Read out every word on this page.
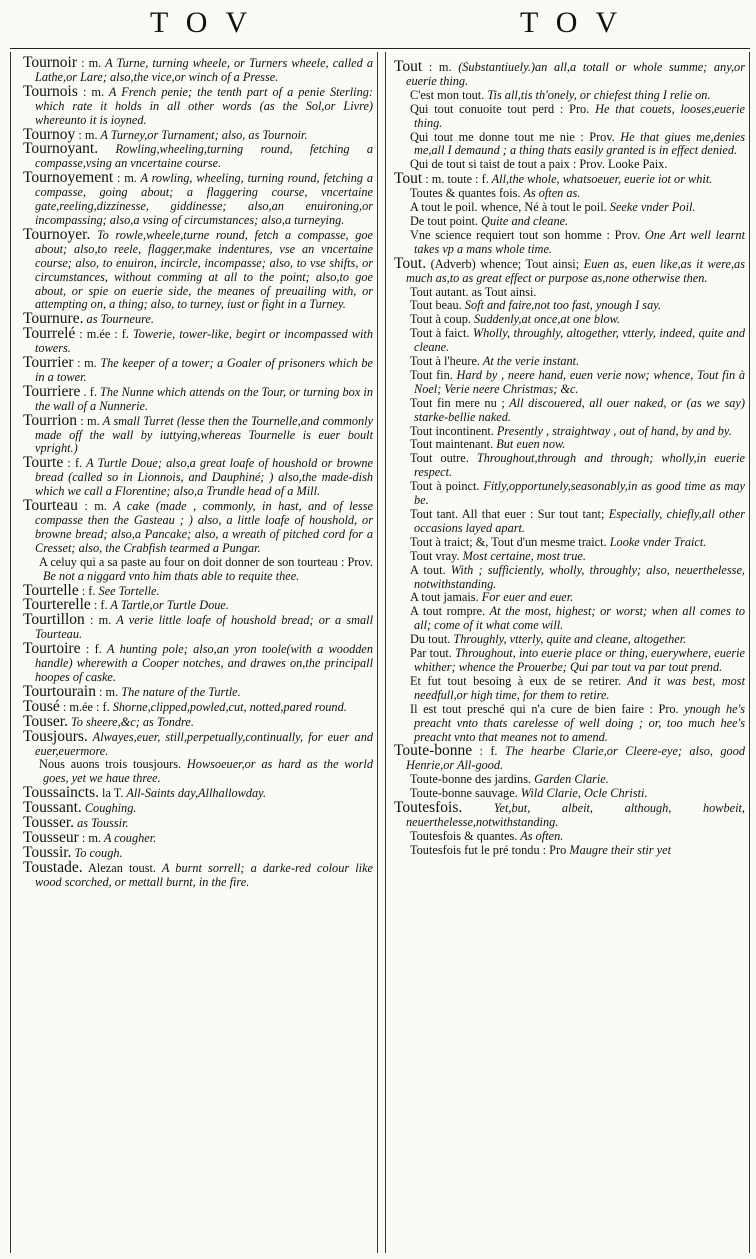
TOV	TOV

Tournoir : m. A Turne, turning wheele, or Turners wheele, called a Lathe,or Lare; also,the vice,or winch of a Presse.

Tournois : m. A French penie; the tenth part of a penie Sterling: which rate it holds in all other words (as the Sol,or Livre) whereunto it is ioyned.

Tournoy : m. A Turney,or Turnament; also, as Tournoir.

Tournoyant. Rowling,wheeling,turning round, fetching a compasse,vsing an vncertaine course.

Tournoyement : m. A rowling, wheeling, turning round, fetching a compasse, going about; a flaggering course, vncertaine gate,reeling,dizzinesse, giddinesse; also,an enuironing,or incompassing; also,a vsing of circumstances; also,a turneying.

Tournoyer. To rowle,wheele,turne round, fetch a compasse, goe about; also,to reele, flagger,make indentures, vse an vncertaine course; also, to enuiron, incircle, incompasse; also, to vse shifts, or circumstances, without comming at all to the point; also,to goe about, or spie on euerie side, the meanes of preuailing with, or attempting on, a thing; also, to turney, iust or fight in a Turney.

Tournure. as Tourneure.

Tourrelé : m.ée : f. Towerie, tower-like, begirt or incompassed with towers.

Tourrier : m. The keeper of a tower; a Goaler of prisoners which be in a tower.

Tourriere . f. The Nunne which attends on the Tour, or turning box in the wall of a Nunnerie.

Tourrion : m. A small Turret (lesse then the Tournelle,and commonly made off the wall by iuttying,whereas Tournelle is euer boult vpright.)

Tourte : f. A Turtle Doue; also,a great loafe of houshold or browne bread (called so in Lionnois, and Dauphiné; ) also,the made-dish which we call a Florentine; also,a Trundle head of a Mill.

Tourteau : m. A cake (made , commonly, in hast, and of lesse compasse then the Gasteau ; ) also, a little loafe of houshold, or browne bread; also,a Pancake; also, a wreath of pitched cord for a Cresset; also, the Crabfish tearmed a Pungar.

A celuy qui a sa paste au four on doit donner de son tourteau : Prov. Be not a niggard vnto him thats able to requite thee.

Tourtelle : f. See Tortelle.

Tourterelle : f. A Tartle,or Turtle Doue.

Tourtillon : m. A verie little loafe of houshold bread; or a small Tourteau.

Tourtoire : f. A hunting pole; also,an yron toole(with a woodden handle) wherewith a Cooper notches, and drawes on,the principall hoopes of caske.

Tourtourain : m. The nature of the Turtle.

Tousé : m.ée : f. Shorne,clipped,powled,cut, notted,pared round.

Touser. To sheere,&c; as Tondre.

Tousjours. Alwayes,euer, still,perpetually,continually, for euer and euer,euermore.

Nous auons trois tousjours. Howsoeuer,or as hard as the world goes, yet we haue three.

Toussaincts. la T. All-Saints day,Allhallowday.

Toussant. Coughing.

Tousser. as Toussir.

Tousseur : m. A cougher.

Toussir. To cough.

Toustade. Alezan toust. A burnt sorrell; a darke-red colour like wood scorched, or mettall burnt, in the fire.

Tout : m. (Substantiuely.)an all,a totall or whole summe; any,or euerie thing.

C'est mon tout. Tis all,tis th'onely, or chiefest thing I relie on.

Qui tout conuoite tout perd : Pro. He that couets, looses,euerie thing.

Qui tout me donne tout me nie : Prov. He that giues me,denies me,all I demaund ; a thing thats easily granted is in effect denied.

Qui de tout si taist de tout a paix : Prov. Looke Paix.

Tout : m. toute : f. All,the whole, whatsoeuer, euerie iot or whit.

Toutes & quantes fois. As often as.

A tout le poil. whence, Né à tout le poil. Seeke vnder Poil.

De tout point. Quite and cleane.

Vne science requiert tout son homme : Prov. One Art well learnt takes vp a mans whole time.

Tout. (Adverb) whence; Tout ainsi; Euen as, euen like,as it were,as much as,to as great effect or purpose as,none otherwise then.

Tout autant. as Tout ainsi.

Tout beau. Soft and faire,not too fast, ynough I say.

Tout à coup. Suddenly,at once,at one blow.

Tout à faict. Wholly, throughly, altogether, vtterly, indeed, quite and cleane.

Tout à l'heure. At the verie instant.

Tout fin. Hard by , neere hand, euen verie now; whence, Tout fin à Noel; Verie neere Christmas; &c.

Tout fin mere nu ; All discouered, all ouer naked, or (as we say) starke-bellie naked.

Tout incontinent. Presently , straightway , out of hand, by and by.

Tout maintenant. But euen now.

Tout outre. Throughout,through and through; wholly,in euerie respect.

Tout à poinct. Fitly,opportunely,seasonably,in as good time as may be.

Tout tant. All that euer : Sur tout tant; Especially, chiefly,all other occasions layed apart.

Tout à traict; &, Tout d'un mesme traict. Looke vnder Traict.

Tout vray. Most certaine, most true.

A tout. With ; sufficiently, wholly, throughly; also, neuerthelesse, notwithstanding.

A tout jamais. For euer and euer.

A tout rompre. At the most, highest; or worst; when all comes to all; come of it what come will.

Du tout. Throughly, vtterly, quite and cleane, altogether.

Par tout. Throughout, into euerie place or thing, euerywhere, euerie whither; whence the Prouerbe; Qui par tout va par tout prend.

Et fut tout besoing à eux de se retirer. And it was best, most needfull,or high time, for them to retire.

Il est tout presché qui n'a cure de bien faire : Pro. ynough he's preacht vnto thats carelesse of well doing ; or, too much hee's preacht vnto that meanes not to amend.

Toute-bonne : f. The hearbe Clarie,or Cleere-eye; also, good Henrie,or All-good.

Toute-bonne des jardins. Garden Clarie.

Toute-bonne sauvage. Wild Clarie, Ocle Christi.

Toutesfois. Yet,but, albeit, although, howbeit, neuerthelesse,notwithstanding.

Toutesfois & quantes. As often.

Toutesfois fut le pré tondu : Pro Maugre their stir yet
